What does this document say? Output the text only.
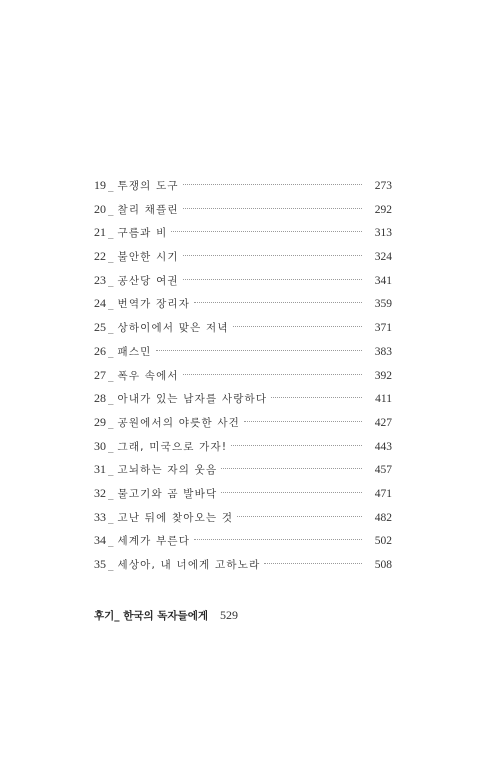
19 _ 투쟁의 도구	273
20 _ 찰리 채플린	292
21 _ 구름과 비	313
22 _ 불안한 시기	324
23 _ 공산당 여권	341
24 _ 번역가 장리자	359
25 _ 상하이에서 맞은 저녁	371
26 _ 패스민	383
27 _ 폭우 속에서	392
28 _ 아내가 있는 남자를 사랑하다	411
29 _ 공원에서의 야릇한 사건	427
30 _ 그래, 미국으로 가자!	443
31 _ 고뇌하는 자의 웃음	457
32 _ 물고기와 곰 발바닥	471
33 _ 고난 뒤에 찾아오는 것	482
34 _ 세계가 부른다	502
35 _ 세상아, 내 너에게 고하노라	508
후기_ 한국의 독자들에게 529
